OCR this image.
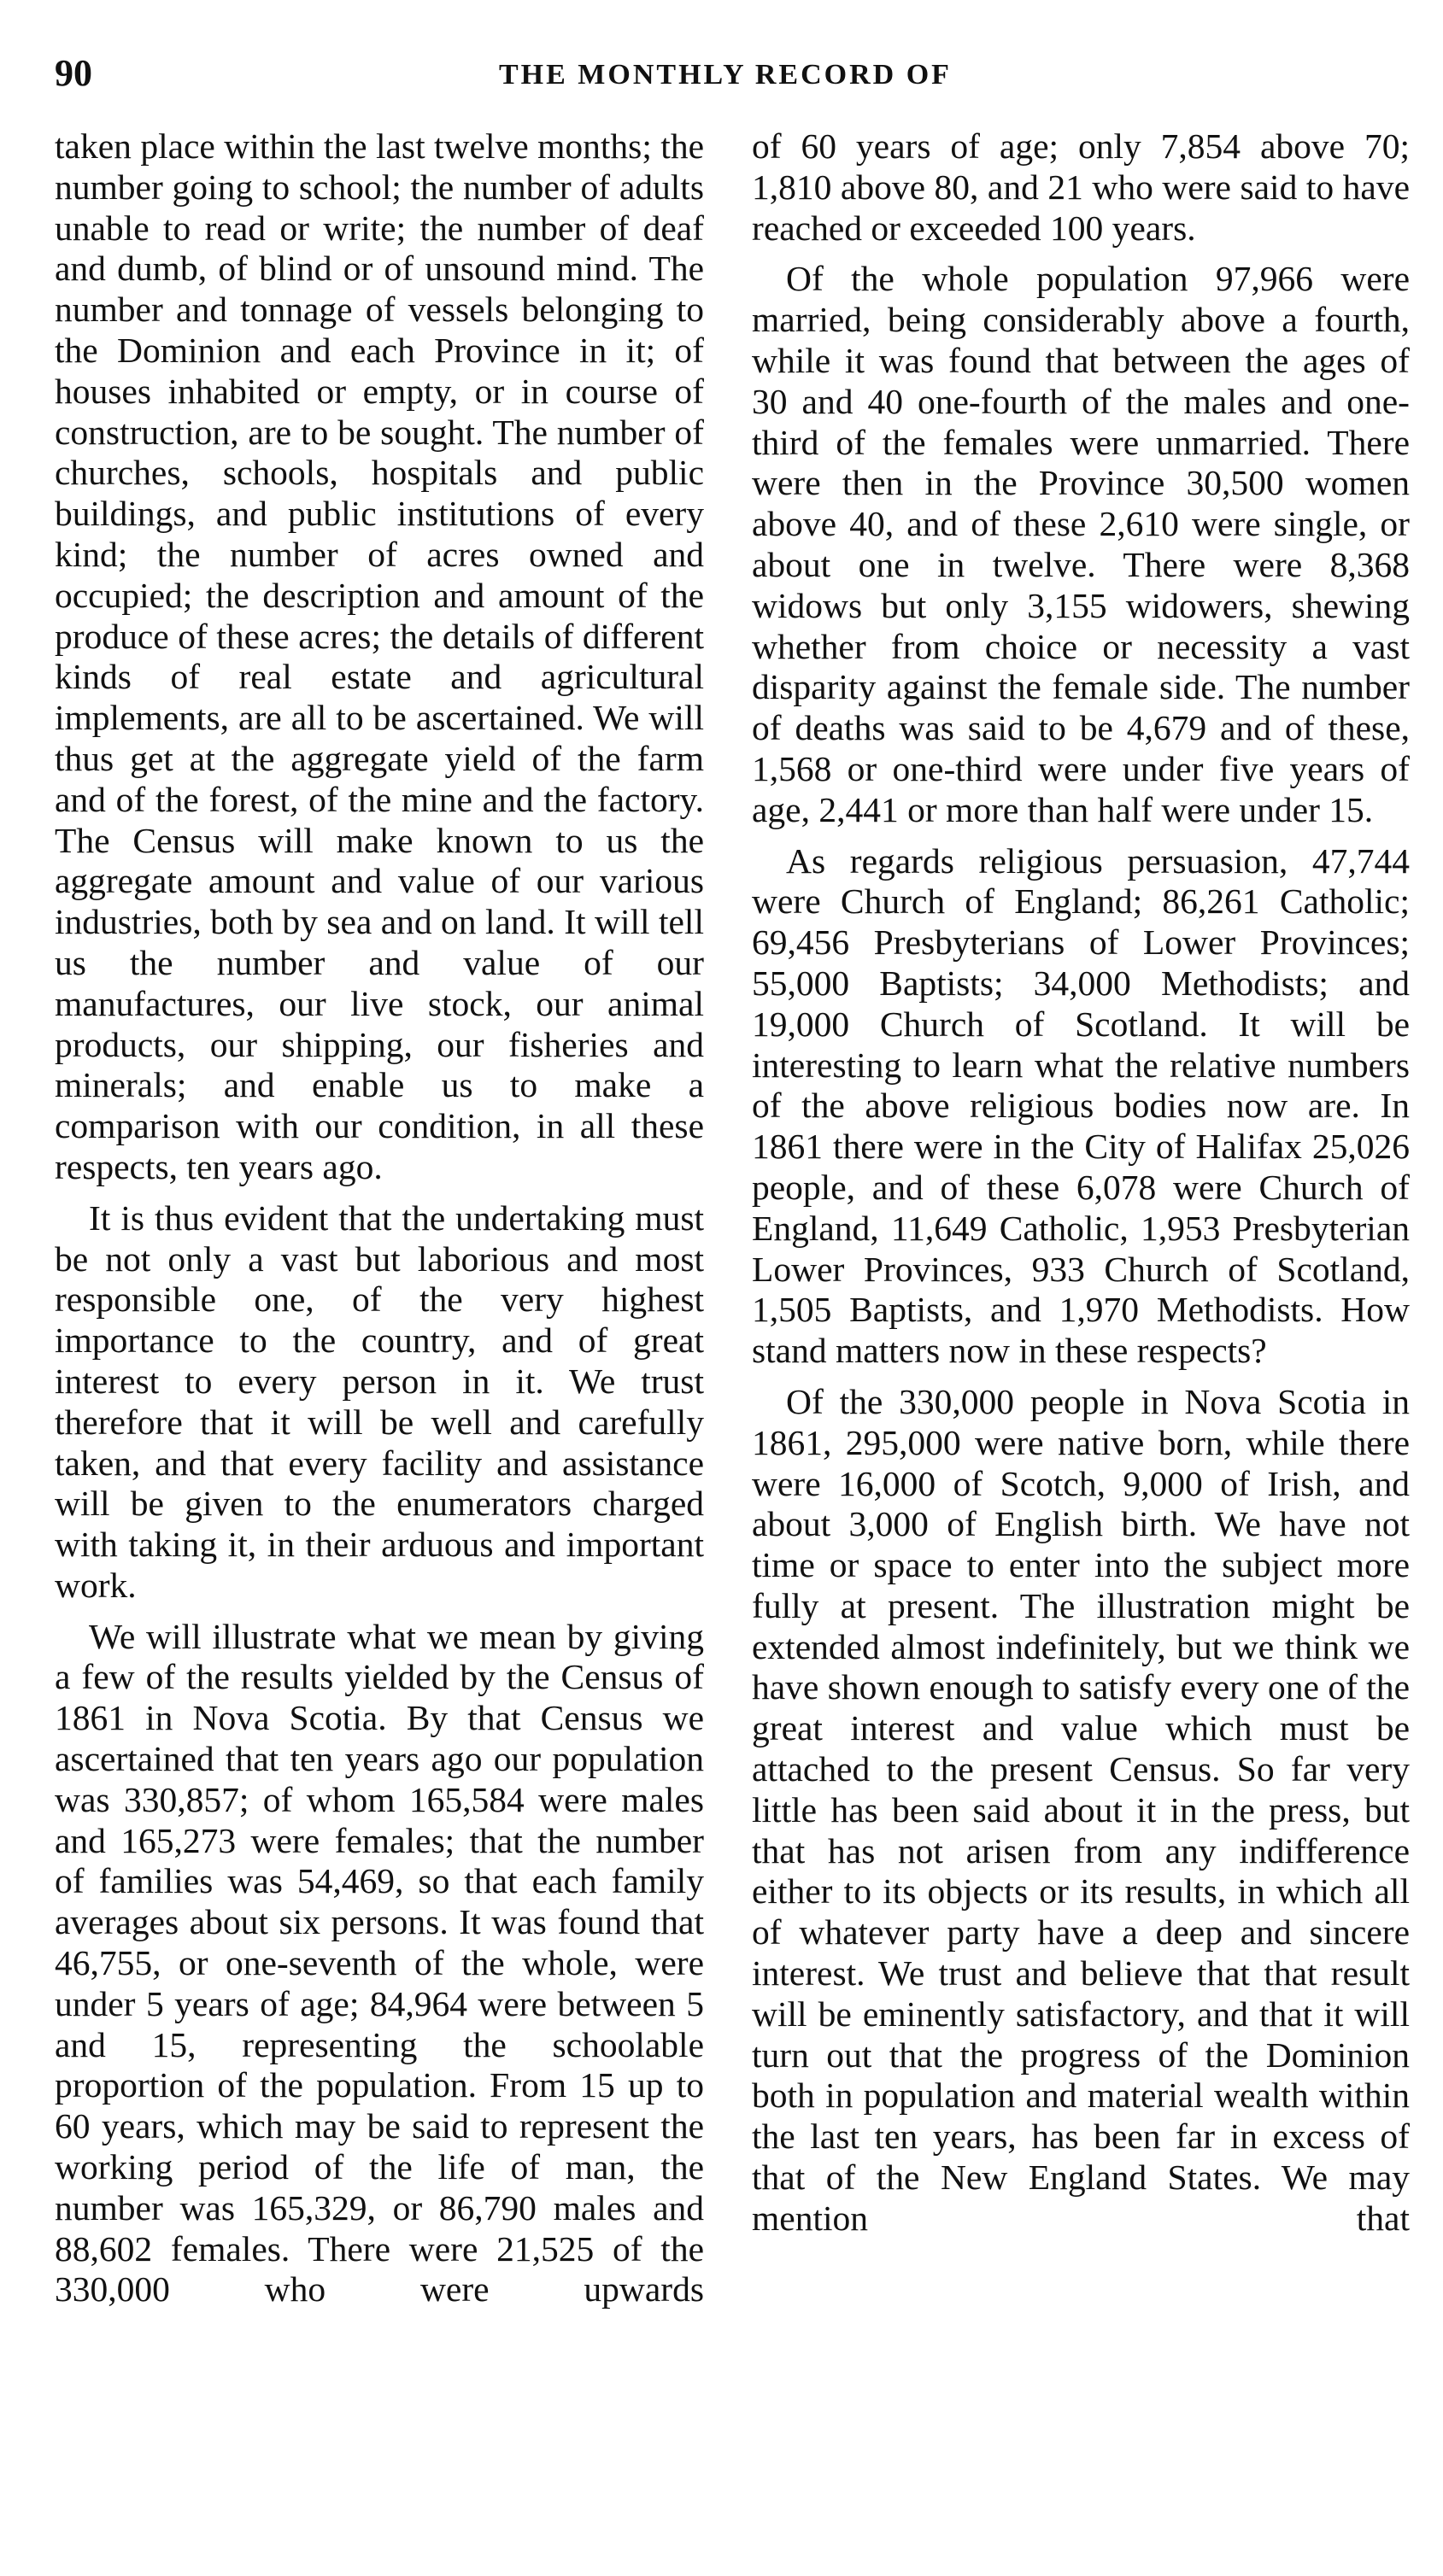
90	THE MONTHLY RECORD OF

taken place within the last twelve months; the number going to school; the number of adults unable to read or write; the number of deaf and dumb, of blind or of unsound mind. The number and tonnage of vessels belonging to the Dominion and each Province in it; of houses inhabited or empty, or in course of construction, are to be sought. The number of churches, schools, hospitals and public buildings, and public institutions of every kind; the number of acres owned and occupied; the description and amount of the produce of these acres; the details of different kinds of real estate and agricultural implements, are all to be ascertained. We will thus get at the aggregate yield of the farm and of the forest, of the mine and the factory. The Census will make known to us the aggregate amount and value of our various industries, both by sea and on land. It will tell us the number and value of our manufactures, our live stock, our animal products, our shipping, our fisheries and minerals; and enable us to make a comparison with our condition, in all these respects, ten years ago.

It is thus evident that the undertaking must be not only a vast but laborious and most responsible one, of the very highest importance to the country, and of great interest to every person in it. We trust therefore that it will be well and carefully taken, and that every facility and assistance will be given to the enumerators charged with taking it, in their arduous and important work.

We will illustrate what we mean by giving a few of the results yielded by the Census of 1861 in Nova Scotia. By that Census we ascertained that ten years ago our population was 330,857; of whom 165,584 were males and 165,273 were females; that the number of families was 54,469, so that each family averages about six persons. It was found that 46,755, or one-seventh of the whole, were under 5 years of age; 84,964 were between 5 and 15, representing the schoolable proportion of the population. From 15 up to 60 years, which may be said to represent the working period of the life of man, the number was 165,329, or 86,790 males and 88,602 females. There were 21,525 of the 330,000 who were upwards

of 60 years of age; only 7,854 above 70; 1,810 above 80, and 21 who were said to have reached or exceeded 100 years.

Of the whole population 97,966 were married, being considerably above a fourth, while it was found that between the ages of 30 and 40 one-fourth of the males and one-third of the females were unmarried. There were then in the Province 30,500 women above 40, and of these 2,610 were single, or about one in twelve. There were 8,368 widows but only 3,155 widowers, shewing whether from choice or necessity a vast disparity against the female side. The number of deaths was said to be 4,679 and of these, 1,568 or one-third were under five years of age, 2,441 or more than half were under 15.

As regards religious persuasion, 47,744 were Church of England; 86,261 Catholic; 69,456 Presbyterians of Lower Provinces; 55,000 Baptists; 34,000 Methodists; and 19,000 Church of Scotland. It will be interesting to learn what the relative numbers of the above religious bodies now are. In 1861 there were in the City of Halifax 25,026 people, and of these 6,078 were Church of England, 11,649 Catholic, 1,953 Presbyterian Lower Provinces, 933 Church of Scotland, 1,505 Baptists, and 1,970 Methodists. How stand matters now in these respects?

Of the 330,000 people in Nova Scotia in 1861, 295,000 were native born, while there were 16,000 of Scotch, 9,000 of Irish, and about 3,000 of English birth. We have not time or space to enter into the subject more fully at present. The illustration might be extended almost indefinitely, but we think we have shown enough to satisfy every one of the great interest and value which must be attached to the present Census. So far very little has been said about it in the press, but that has not arisen from any indifference either to its objects or its results, in which all of whatever party have a deep and sincere interest. We trust and believe that that result will be eminently satisfactory, and that it will turn out that the progress of the Dominion both in population and material wealth within the last ten years, has been far in excess of that of the New England States. We may mention that
